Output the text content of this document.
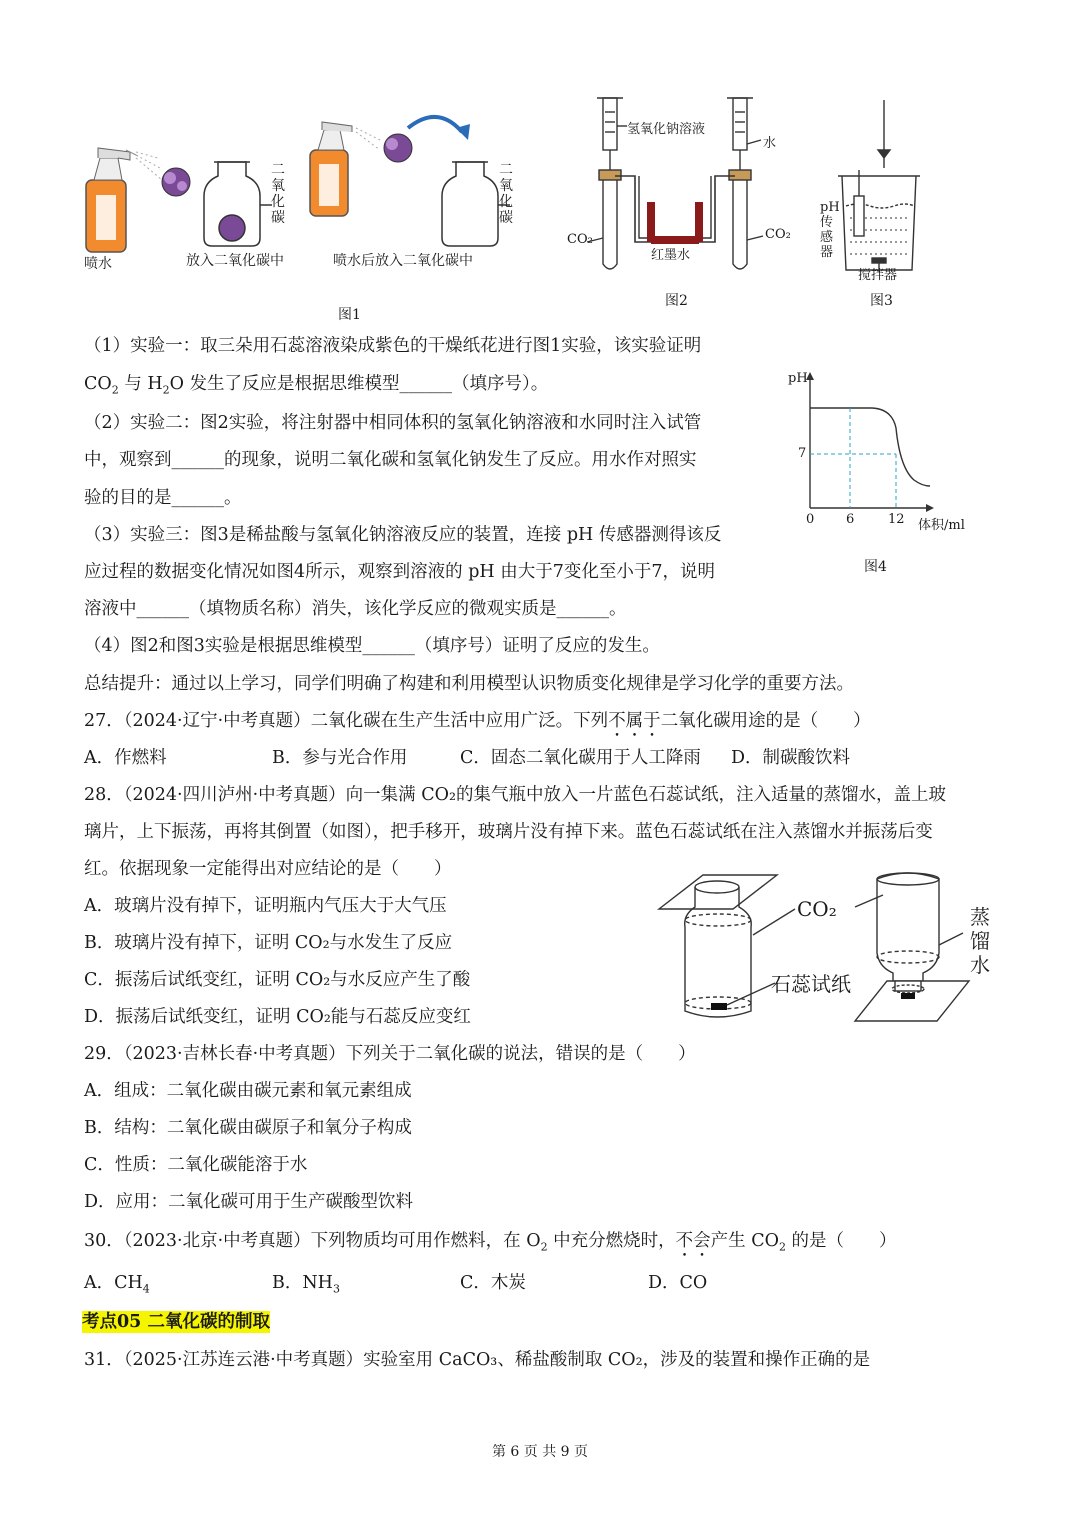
二氧化碳
二氧化碳
喷水	放入二氧化碳中	喷水后放入二氧化碳中
图1
氢氧化钠溶液
水
红墨水
CO₂	CO₂
图2
pH传感器
搅拌器
图3
（1）实验一：取三朵用石蕊溶液染成紫色的干燥纸花进行图1实验，该实验证明
$CO_2$ 与 $H_2O$ 发生了反应是根据思维模型______（填序号）。
（2）实验二：图2实验，将注射器中相同体积的氢氧化钠溶液和水同时注入试管
中，观察到______的现象，说明二氧化碳和氢氧化钠发生了反应。用水作对照实
验的目的是______。
（3）实验三：图3是稀盐酸与氢氧化钠溶液反应的装置，连接 pH 传感器测得该反
应过程的数据变化情况如图4所示，观察到溶液的 pH 由大于7变化至小于7，说明
溶液中______（填物质名称）消失，该化学反应的微观实质是______。
（4）图2和图3实验是根据思维模型______（填序号）证明了反应的发生。
总结提升：通过以上学习，同学们明确了构建和利用模型认识物质变化规律是学习化学的重要方法。
pH
7
0 6	12 体积/ml
图4
27．（2024·辽宁·中考真题）二氧化碳在生产生活中应用广泛。下列不属于二氧化碳用途的是（　　）
A．作燃料	B．参与光合作用	C．固态二氧化碳用于人工降雨 D．制碳酸饮料
28．（2024·四川泸州·中考真题）向一集满 CO₂的集气瓶中放入一片蓝色石蕊试纸，注入适量的蒸馏水，盖上玻
璃片，上下振荡，再将其倒置（如图），把手移开，玻璃片没有掉下来。蓝色石蕊试纸在注入蒸馏水并振荡后变
红。依据现象一定能得出对应结论的是（　　）
A．玻璃片没有掉下，证明瓶内气压大于大气压
B．玻璃片没有掉下，证明 CO₂与水发生了反应
C．振荡后试纸变红，证明 CO₂与水反应产生了酸
D．振荡后试纸变红，证明 CO₂能与石蕊反应变红
CO₂
石蕊试纸
蒸馏水
29．（2023·吉林长春·中考真题）下列关于二氧化碳的说法，错误的是（　　）
A．组成：二氧化碳由碳元素和氧元素组成
B．结构：二氧化碳由碳原子和氧分子构成
C．性质：二氧化碳能溶于水
D．应用：二氧化碳可用于生产碳酸型饮料
30．（2023·北京·中考真题）下列物质均可用作燃料，在 $O_2$ 中充分燃烧时，不会产生 $CO_2$ 的是（　　）
A．$CH_4$	B．$NH_3$	C．木炭	D．CO
考点05 二氧化碳的制取
31．（2025·江苏连云港·中考真题）实验室用 CaCO₃、稀盐酸制取 CO₂，涉及的装置和操作正确的是
第 6 页 共 9 页
